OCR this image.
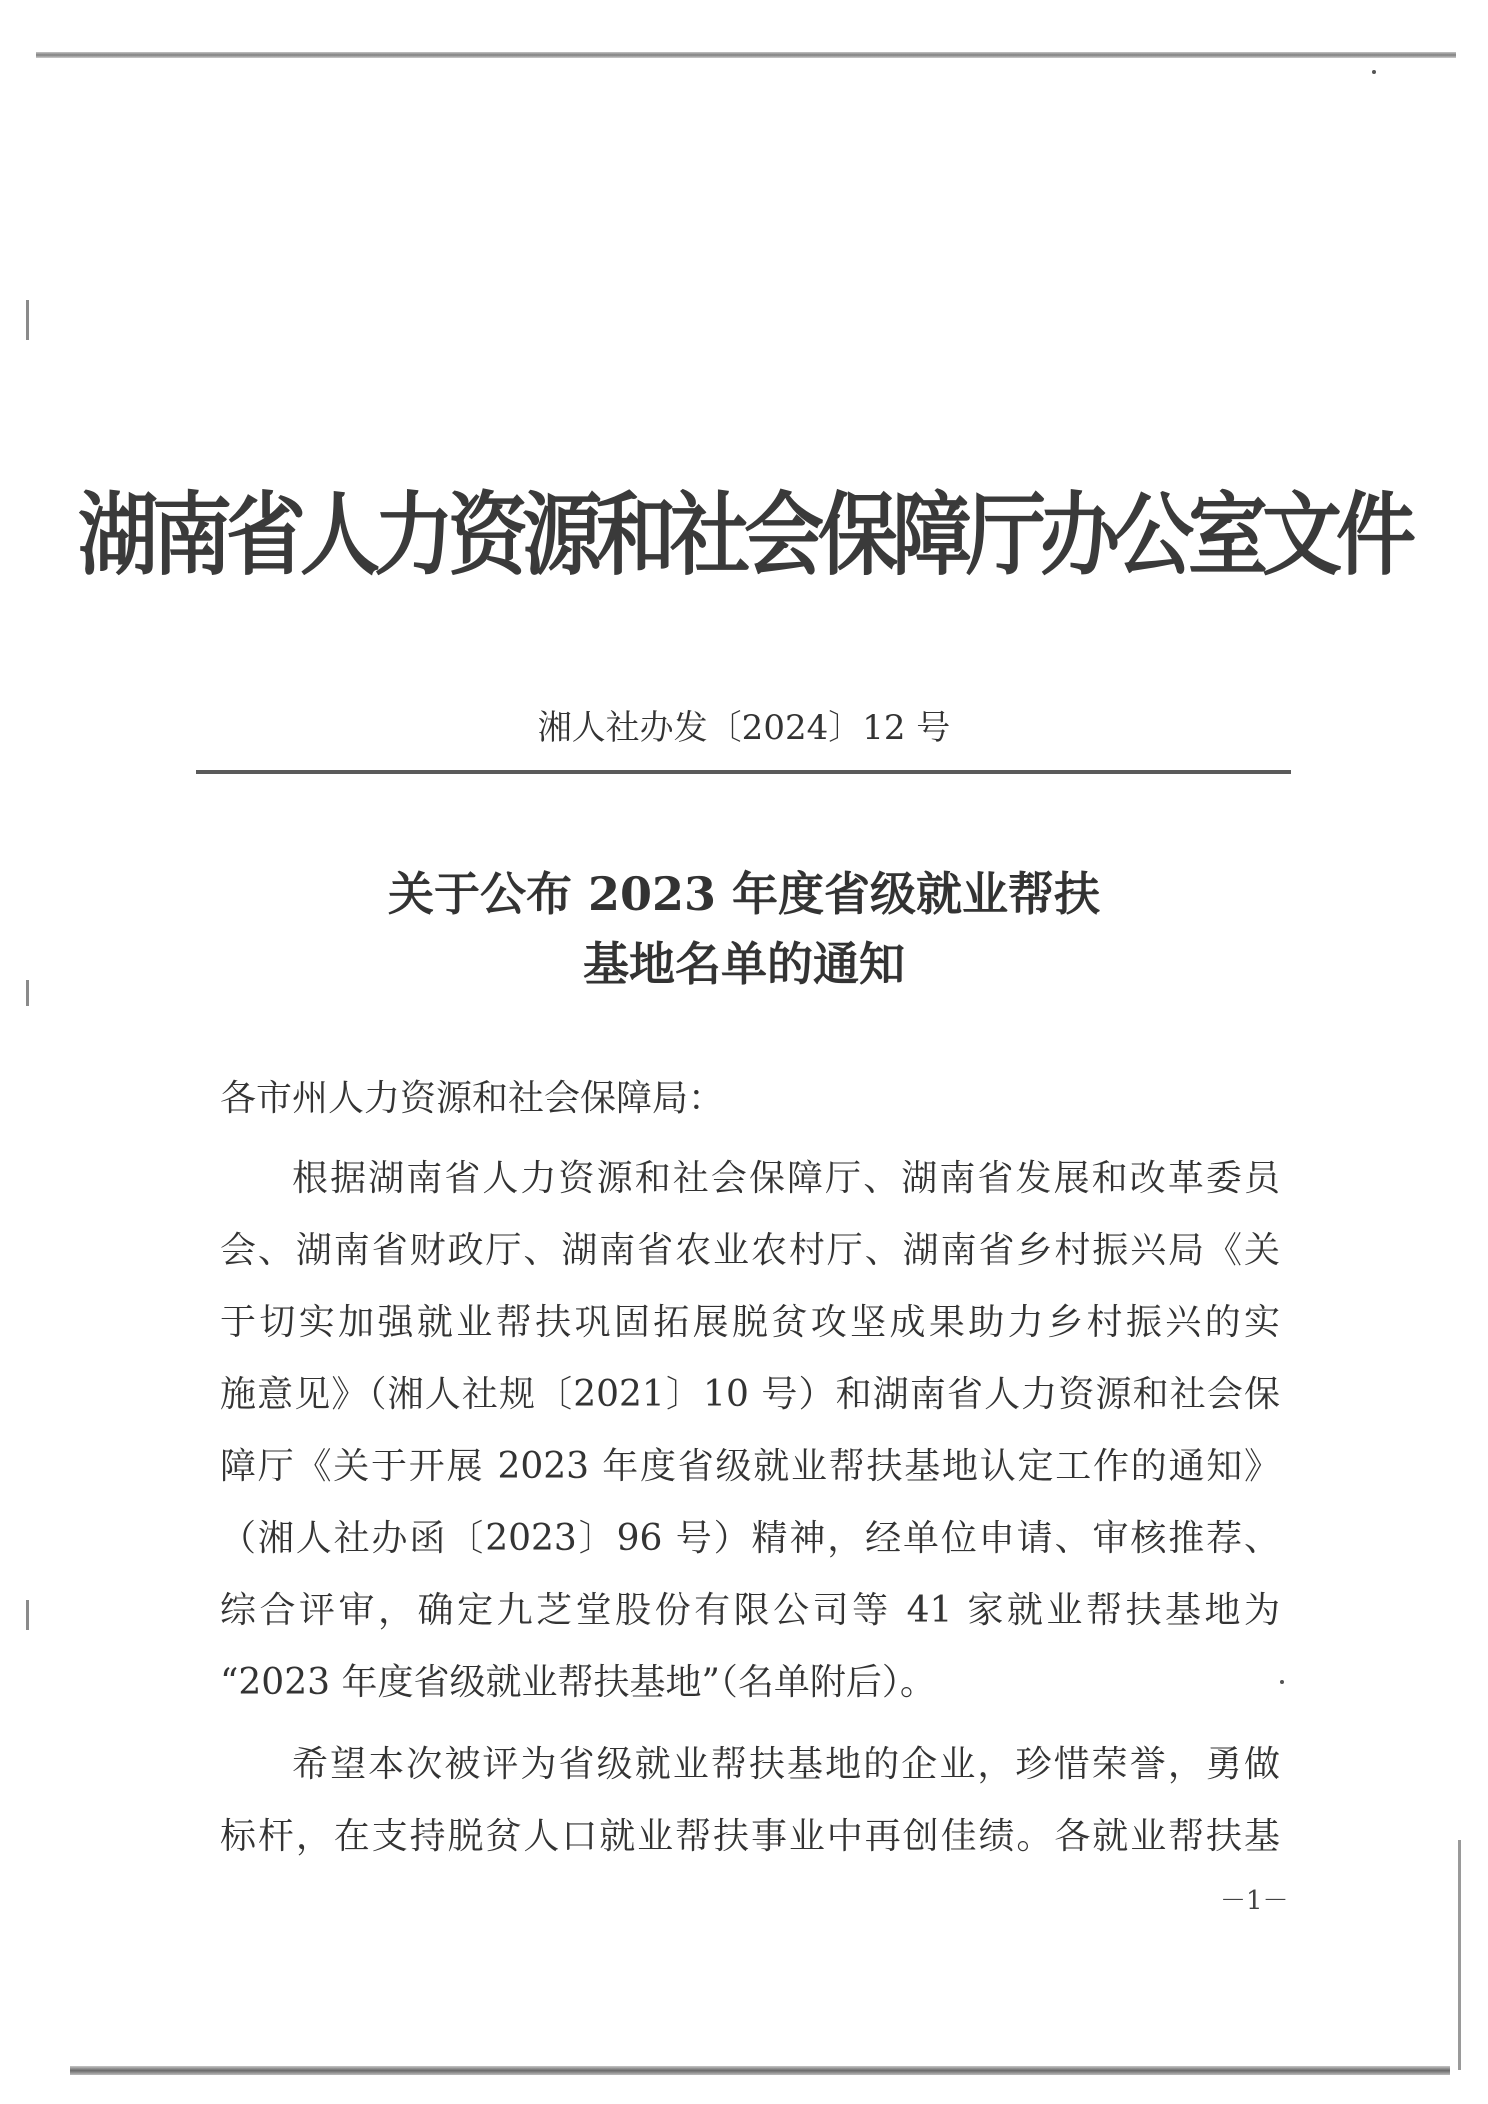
湖南省人力资源和社会保障厅办公室文件
湘人社办发〔2024〕12 号
关于公布 2023 年度省级就业帮扶
基地名单的通知
各市州人力资源和社会保障局：
根据湖南省人力资源和社会保障厅、湖南省发展和改革委员
会、湖南省财政厅、湖南省农业农村厅、湖南省乡村振兴局《关
于切实加强就业帮扶巩固拓展脱贫攻坚成果助力乡村振兴的实
施意见》（湘人社规〔2021〕10 号）和湖南省人力资源和社会保
障厅《关于开展 2023 年度省级就业帮扶基地认定工作的通知》
（湘人社办函〔2023〕96 号）精神，经单位申请、审核推荐、
综合评审，确定九芝堂股份有限公司等 41 家就业帮扶基地为
“2023 年度省级就业帮扶基地”（名单附后）。
希望本次被评为省级就业帮扶基地的企业，珍惜荣誉，勇做
标杆，在支持脱贫人口就业帮扶事业中再创佳绩。各就业帮扶基
－1－
